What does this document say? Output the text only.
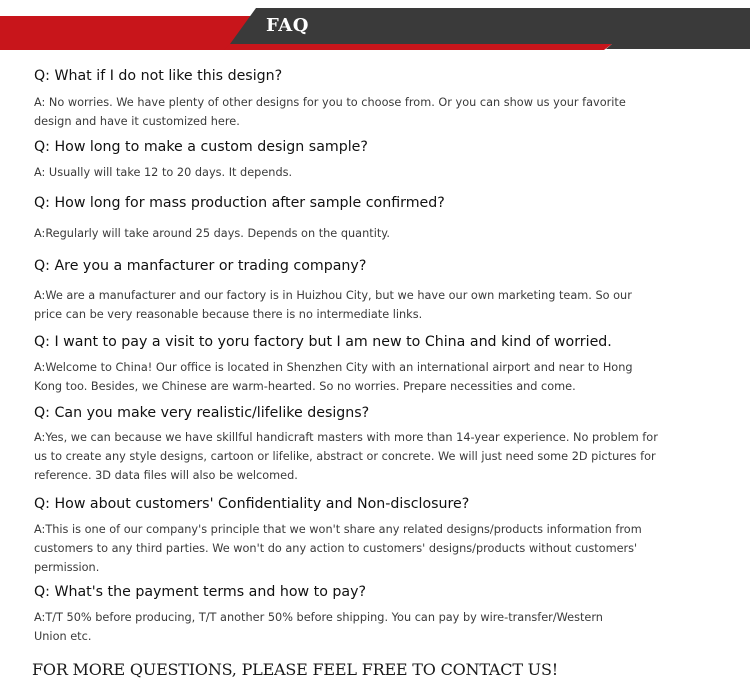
FAQ
Q: What if I do not like this design?
A: No worries. We have plenty of other designs for you to choose from. Or you can show us your favorite
design and have it customized here.
Q: How long to make a custom design sample?
A: Usually will take 12 to 20 days. It depends.
Q: How long for mass production after sample confirmed?
A:Regularly will take around 25 days. Depends on the quantity.
Q: Are you a manfacturer or trading company?
A:We are a manufacturer and our factory is in Huizhou City, but we have our own marketing team. So our
price can be very reasonable because there is no intermediate links.
Q: I want to pay a visit to yoru factory but I am new to China and kind of worried.
A:Welcome to China! Our office is located in Shenzhen City with an international airport and near to Hong
Kong too. Besides, we Chinese are warm-hearted. So no worries. Prepare necessities and come.
Q: Can you make very realistic/lifelike designs?
A:Yes, we can because we have skillful handicraft masters with more than 14-year experience. No problem for
us to create any style designs, cartoon or lifelike, abstract or concrete. We will just need some 2D pictures for
reference. 3D data files will also be welcomed.
Q: How about customers' Confidentiality and Non-disclosure?
A:This is one of our company's principle that we won't share any related designs/products information from
customers to any third parties. We won't do any action to customers' designs/products without customers'
permission.
Q: What's the payment terms and how to pay?
A:T/T 50% before producing, T/T another 50% before shipping. You can pay by wire-transfer/Western
Union etc.
FOR MORE QUESTIONS, PLEASE FEEL FREE TO CONTACT US!
